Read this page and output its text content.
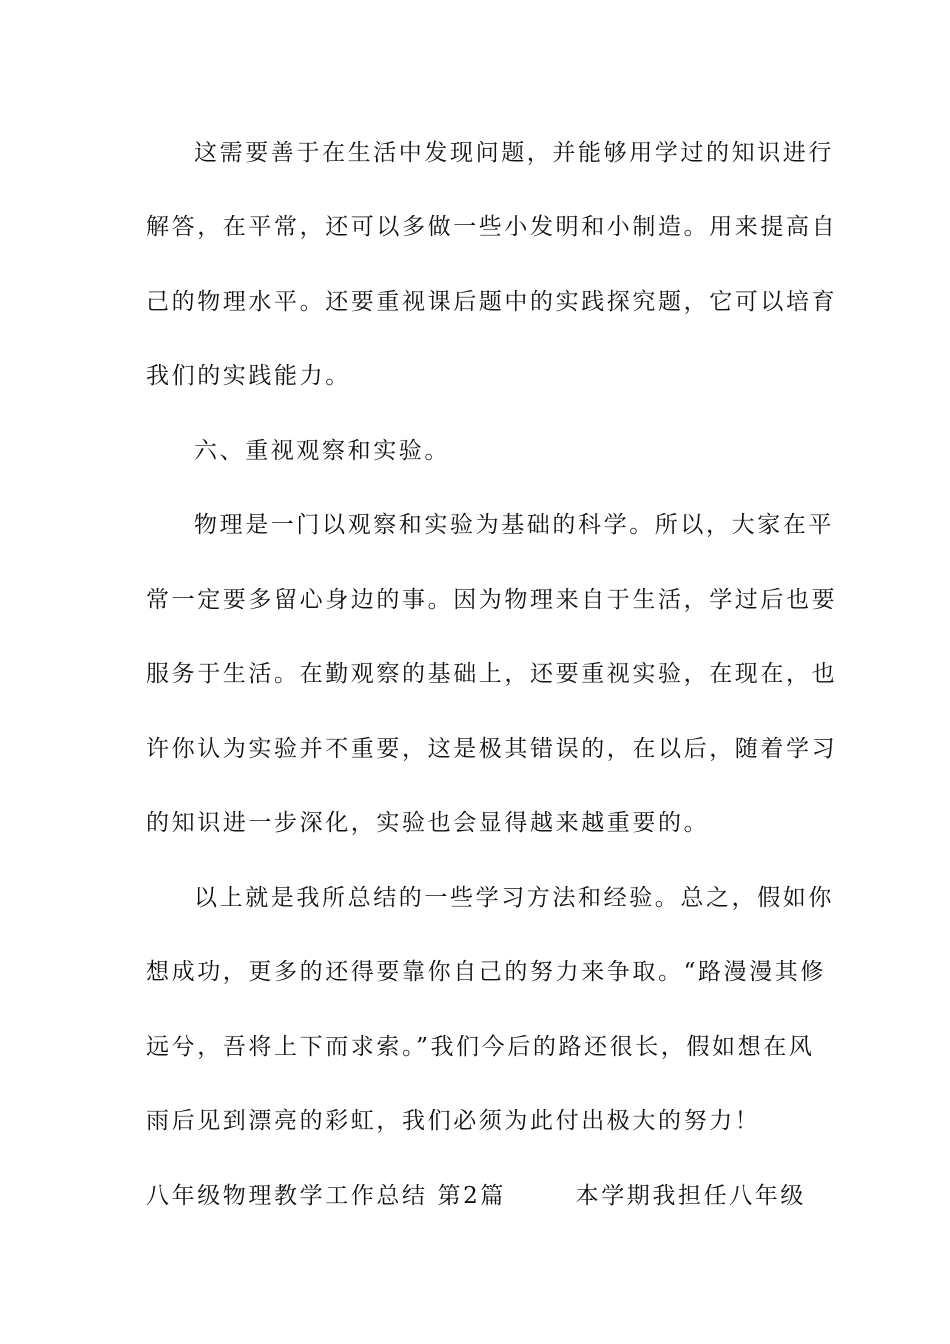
这需要善于在生活中发现问题，并能够用学过的知识进行
解答，在平常，还可以多做一些小发明和小制造。用来提高自
己的物理水平。还要重视课后题中的实践探究题，它可以培育
我们的实践能力。
六、重视观察和实验。
物理是一门以观察和实验为基础的科学。所以，大家在平
常一定要多留心身边的事。因为物理来自于生活，学过后也要
服务于生活。在勤观察的基础上，还要重视实验，在现在，也
许你认为实验并不重要，这是极其错误的，在以后，随着学习
的知识进一步深化，实验也会显得越来越重要的。
以上就是我所总结的一些学习方法和经验。总之，假如你
想成功，更多的还得要靠你自己的努力来争取。“路漫漫其修
远兮，吾将上下而求索。”我们今后的路还很长，假如想在风
雨后见到漂亮的彩虹，我们必须为此付出极大的努力！
八年级物理教学工作总结 第2篇	本学期我担任八年级
